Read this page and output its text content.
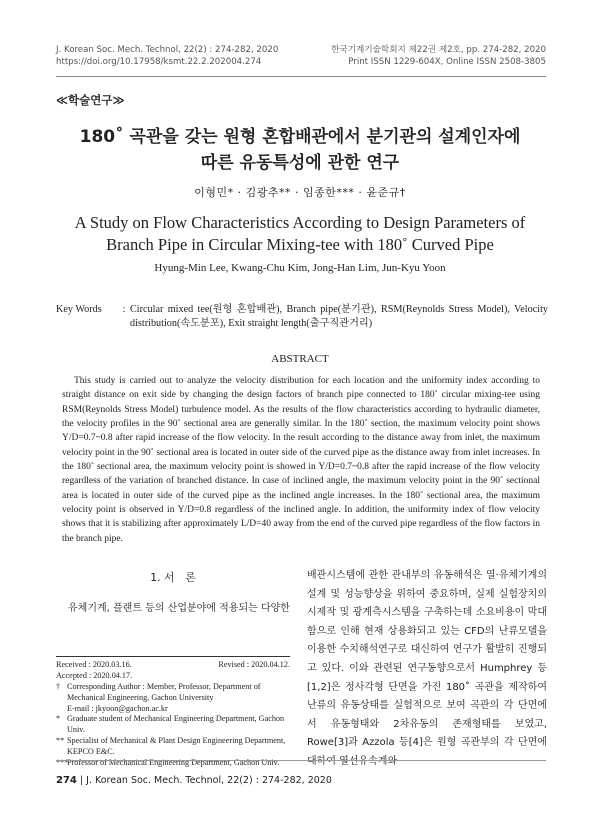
J. Korean Soc. Mech. Technol, 22(2) : 274-282, 2020
https://doi.org/10.17958/ksmt.22.2.202004.274
한국기계기술학회지 제22권 제2호, pp. 274-282, 2020
Print ISSN 1229-604X, Online ISSN 2508-3805
≪학술연구≫
180˚ 곡관을 갖는 원형 혼합배관에서 분기관의 설계인자에
따른 유동특성에 관한 연구
이형민* · 김광추** · 임종한*** · 윤준규†
A Study on Flow Characteristics According to Design Parameters of
Branch Pipe in Circular Mixing-tee with 180˚ Curved Pipe
Hyung-Min Lee, Kwang-Chu Kim, Jong-Han Lim, Jun-Kyu Yoon
Key Words	: Circular mixed tee(원형 혼합배관), Branch pipe(분기관), RSM(Reynolds Stress Model), Velocity distribution(속도분포), Exit straight length(출구직관거리)
ABSTRACT
This study is carried out to analyze the velocity distribution for each location and the uniformity index according to straight distance on exit side by changing the design factors of branch pipe connected to 180˚ circular mixing-tee using RSM(Reynolds Stress Model) turbulence model. As the results of the flow characteristics according to hydraulic diameter, the velocity profiles in the 90˚ sectional area are generally similar. In the 180˚ section, the maximum velocity point shows Y/D=0.7~0.8 after rapid increase of the flow velocity. In the result according to the distance away from inlet, the maximum velocity point in the 90˚ sectional area is located in outer side of the curved pipe as the distance away from inlet increases. In the 180˚ sectional area, the maximum velocity point is showed in Y/D=0.7~0.8 after the rapid increase of the flow velocity regardless of the variation of branched distance. In case of inclined angle, the maximum velocity point in the 90˚ sectional area is located in outer side of the curved pipe as the inclined angle increases. In the 180˚ sectional area, the maximum velocity point is observed in Y/D=0.8 regardless of the inclined angle. In addition, the uniformity index of flow velocity shows that it is stabilizing after approximately L/D=40 away from the end of the curved pipe regardless of the flow factors in the branch pipe.
1. 서　론
유체기계, 플랜트 등의 산업분야에 적용되는 다양한
Received : 2020.03.16.	Revised : 2020.04.12.
Accepted : 2020.04.17.
† Corresponding Author : Member, Professor, Department of Mechanical Engineering, Gachon University
E-mail : jkyoon@gachon.ac.kr
* Graduate student of Mechanical Engineering Department, Gachon Univ.
** Specialist of Mechanical & Plant Design Engineering Department, KEPCO E&C.
***
Professor of Mechanical Engineering Department, Gachon Univ.
배관시스템에 관한 관내부의 유동해석은 열·유체기계의 설계 및 성능향상을 위하여 중요하며, 실제 실험장치의 시제작 및 광계측시스템을 구축하는데 소요비용이 막대함으로 인해 현재 상용화되고 있는 CFD의 난류모델을 이용한 수치해석연구로 대신하여 연구가 활발히 진행되고 있다. 이와 관련된 연구동향으로서 Humphrey 등[1,2]은 정사각형 단면을 가진 180˚ 곡관을 제작하여 난류의 유동상태를 실험적으로 보여 곡관의 각 단면에서 유동형태와 2차유동의 존재형태를 보였고, Rowe[3]과 Azzola 등[4]은 원형 곡관부의 각 단면에 대하여 열선유속계와
274 | J. Korean Soc. Mech. Technol, 22(2) : 274-282, 2020
